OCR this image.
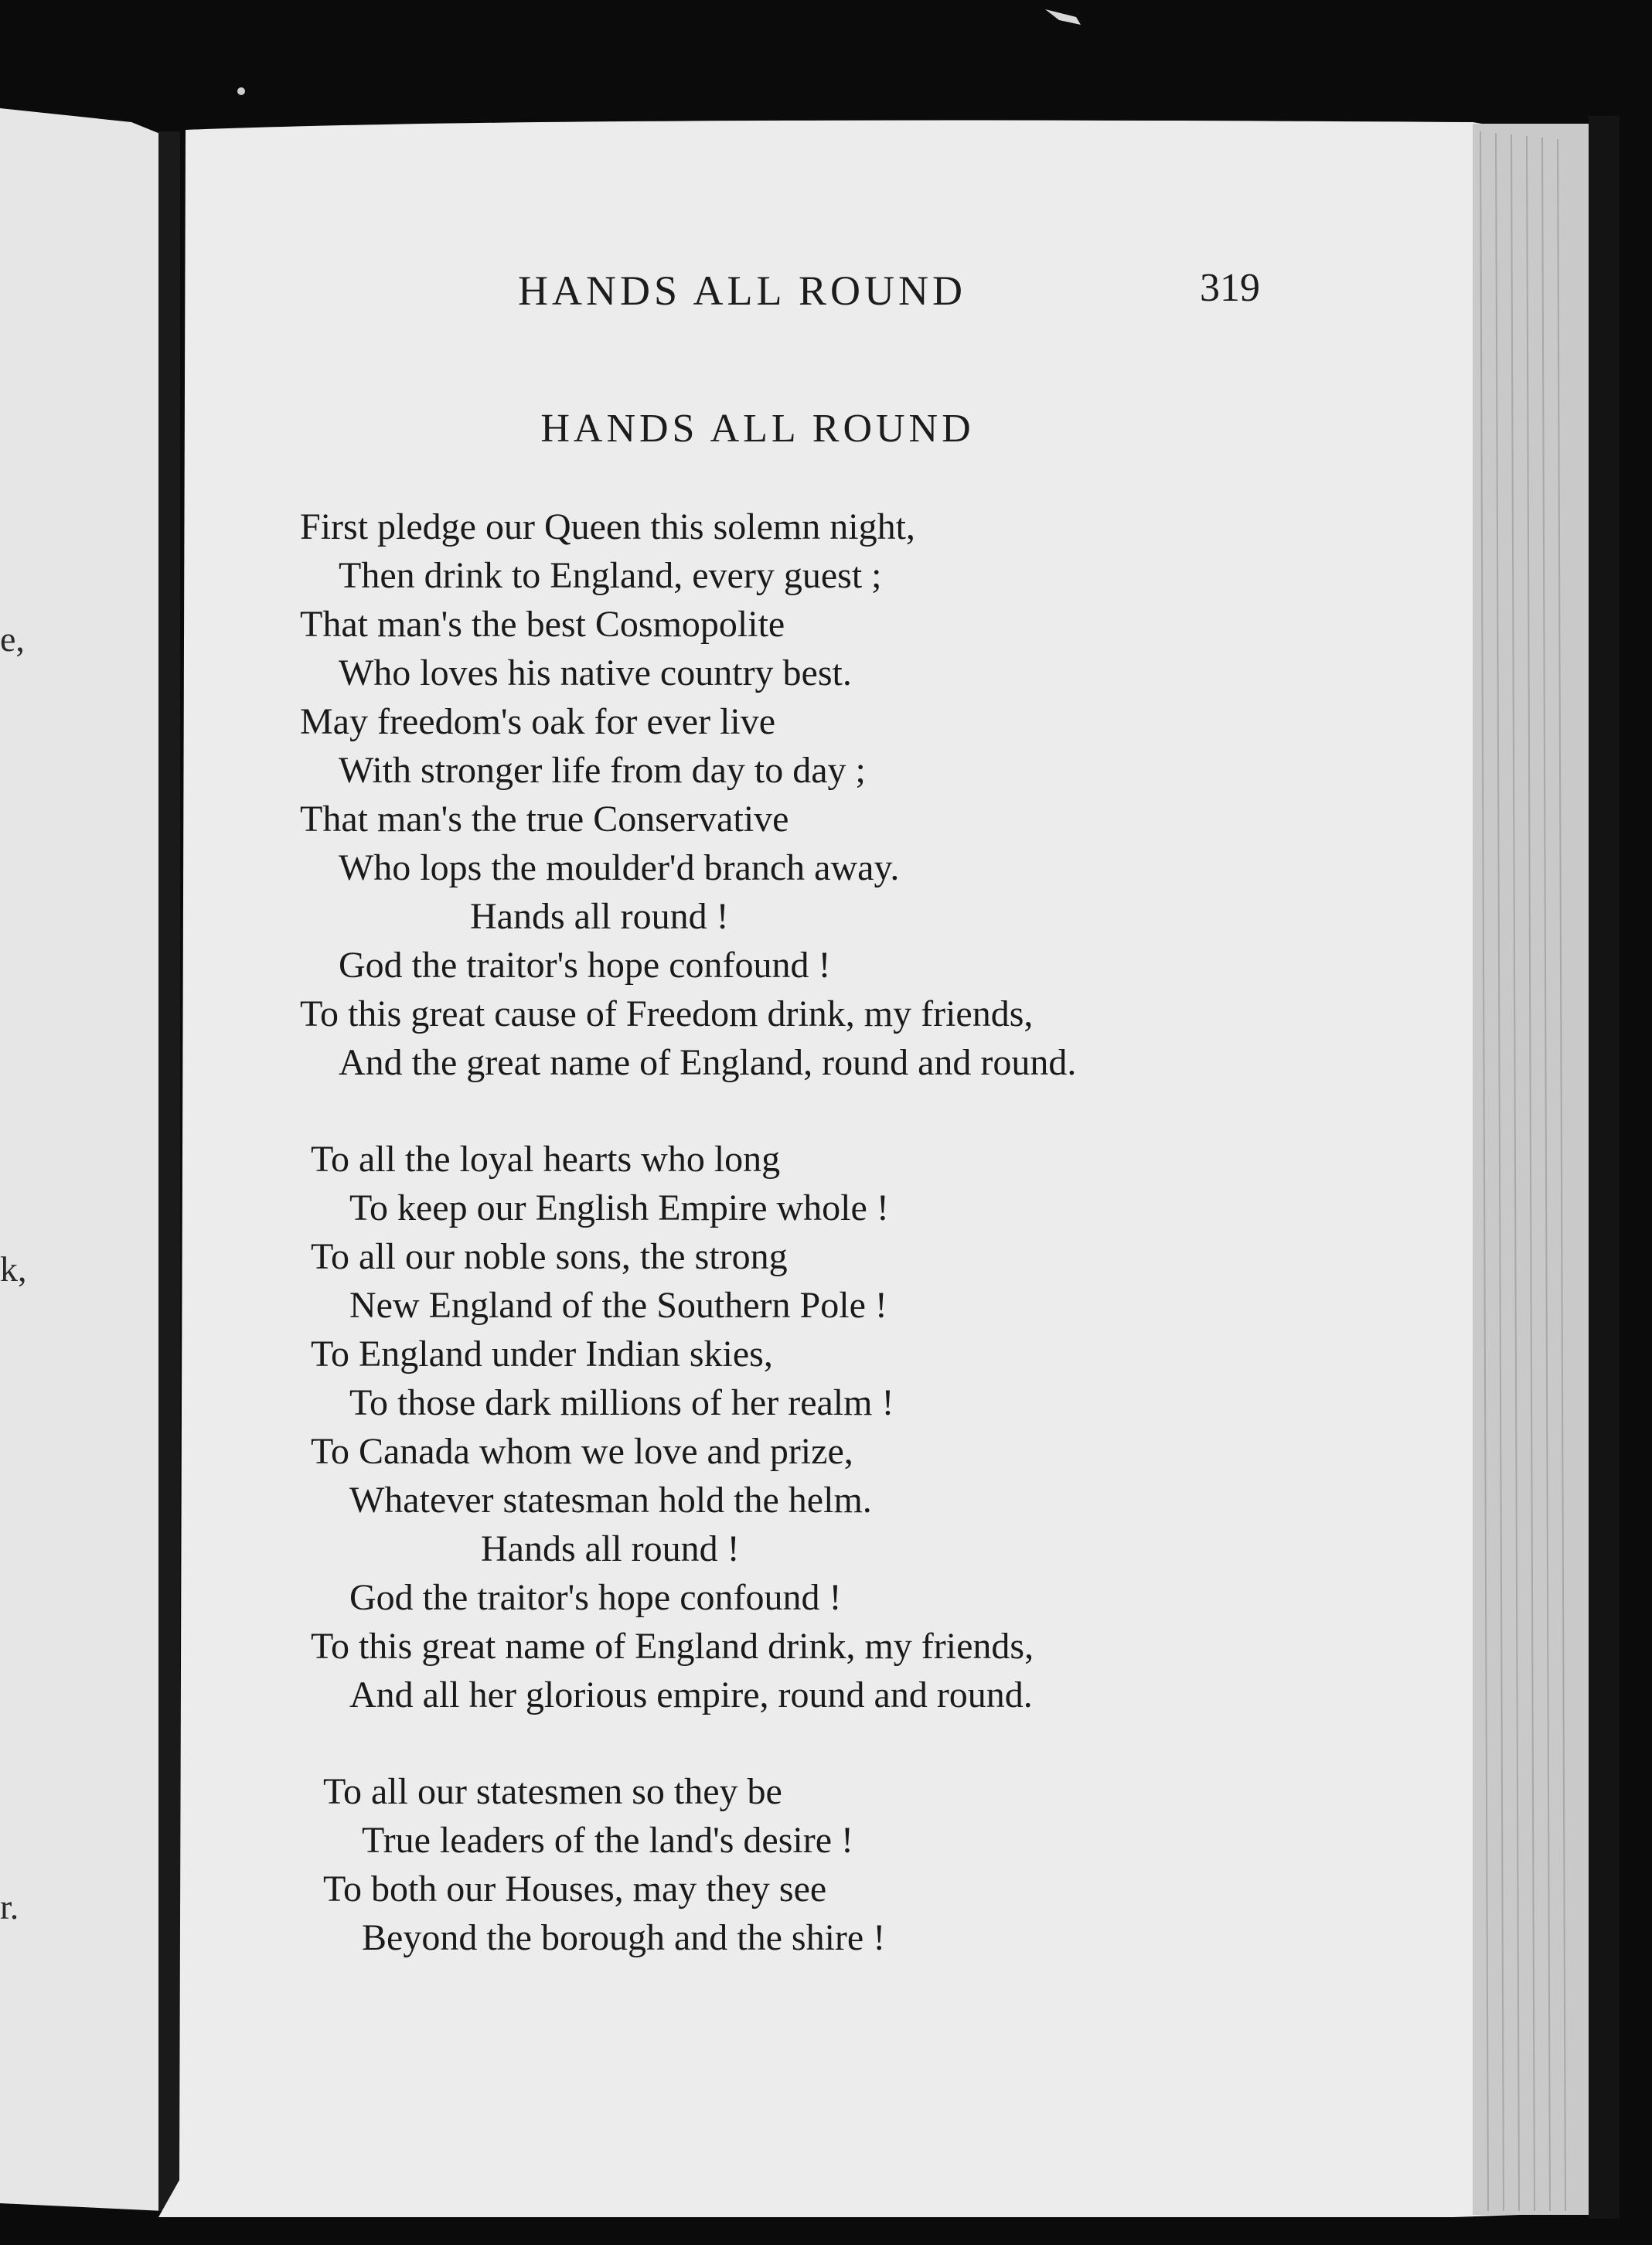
e,
k,
r.
HANDS ALL ROUND	319
HANDS ALL ROUND
First pledge our Queen this solemn night,
Then drink to England, every guest ;
That man's the best Cosmopolite
Who loves his native country best.
May freedom's oak for ever live
With stronger life from day to day ;
That man's the true Conservative
Who lops the moulder'd branch away.
Hands all round !
God the traitor's hope confound !
To this great cause of Freedom drink, my friends,
And the great name of England, round and round.
To all the loyal hearts who long
To keep our English Empire whole !
To all our noble sons, the strong
New England of the Southern Pole !
To England under Indian skies,
To those dark millions of her realm !
To Canada whom we love and prize,
Whatever statesman hold the helm.
Hands all round !
God the traitor's hope confound !
To this great name of England drink, my friends,
And all her glorious empire, round and round.
To all our statesmen so they be
True leaders of the land's desire !
To both our Houses, may they see
Beyond the borough and the shire !
